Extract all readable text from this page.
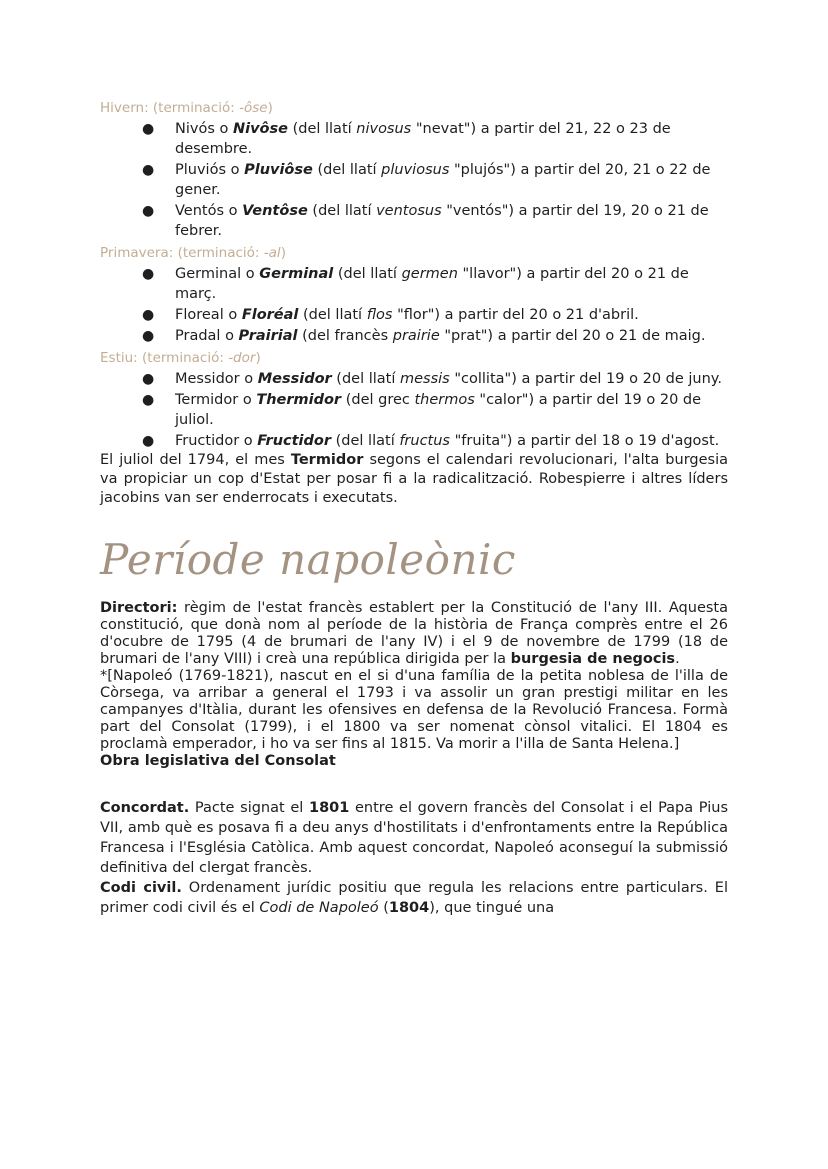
Hivern: (terminació: -ôse)

● Nivós o Nivôse (del llatí nivosus "nevat") a partir del 21, 22 o 23 de desembre.
● Pluviós o Pluviôse (del llatí pluviosus "plujós") a partir del 20, 21 o 22 de gener.
● Ventós o Ventôse (del llatí ventosus "ventós") a partir del 19, 20 o 21 de febrer.

Primavera: (terminació: -al)

● Germinal o Germinal (del llatí germen "llavor") a partir del 20 o 21 de març.
● Floreal o Floréal (del llatí flos "flor") a partir del 20 o 21 d'abril.
● Pradal o Prairial (del francès prairie "prat") a partir del 20 o 21 de maig.

Estiu: (terminació: -dor)

● Messidor o Messidor (del llatí messis "collita") a partir del 19 o 20 de juny.
● Termidor o Thermidor (del grec thermos "calor") a partir del 19 o 20 de juliol.
● Fructidor o Fructidor (del llatí fructus "fruita") a partir del 18 o 19 d'agost.

El juliol del 1794, el mes Termidor segons el calendari revolucionari, l'alta burgesia va propiciar un cop d'Estat per posar fi a la radicalització. Robespierre i altres líders jacobins van ser enderrocats i executats.

Període napoleònic

Directori: règim de l'estat francès establert per la Constitució de l'any III. Aquesta constitució, que donà nom al període de la història de França comprès entre el 26 d'ocubre de 1795 (4 de brumari de l'any IV) i el 9 de novembre de 1799 (18 de brumari de l'any VIII) i creà una república dirigida per la burgesia de negocis.

*[Napoleó (1769-1821), nascut en el si d'una família de la petita noblesa de l'illa de Còrsega, va arribar a general el 1793 i va assolir un gran prestigi militar en les campanyes d'Itàlia, durant les ofensives en defensa de la Revolució Francesa. Formà part del Consolat (1799), i el 1800 va ser nomenat cònsol vitalici. El 1804 es proclamà emperador, i ho va ser fins al 1815. Va morir a l'illa de Santa Helena.]

Obra legislativa del Consolat

Concordat. Pacte signat el 1801 entre el govern francès del Consolat i el Papa Pius VII, amb què es posava fi a deu anys d'hostilitats i d'enfrontaments entre la República Francesa i l'Església Catòlica. Amb aquest concordat, Napoleó aconseguí la submissió definitiva del clergat francès.

Codi civil. Ordenament jurídic positiu que regula les relacions entre particulars. El primer codi civil és el Codi de Napoleó (1804), que tingué una
